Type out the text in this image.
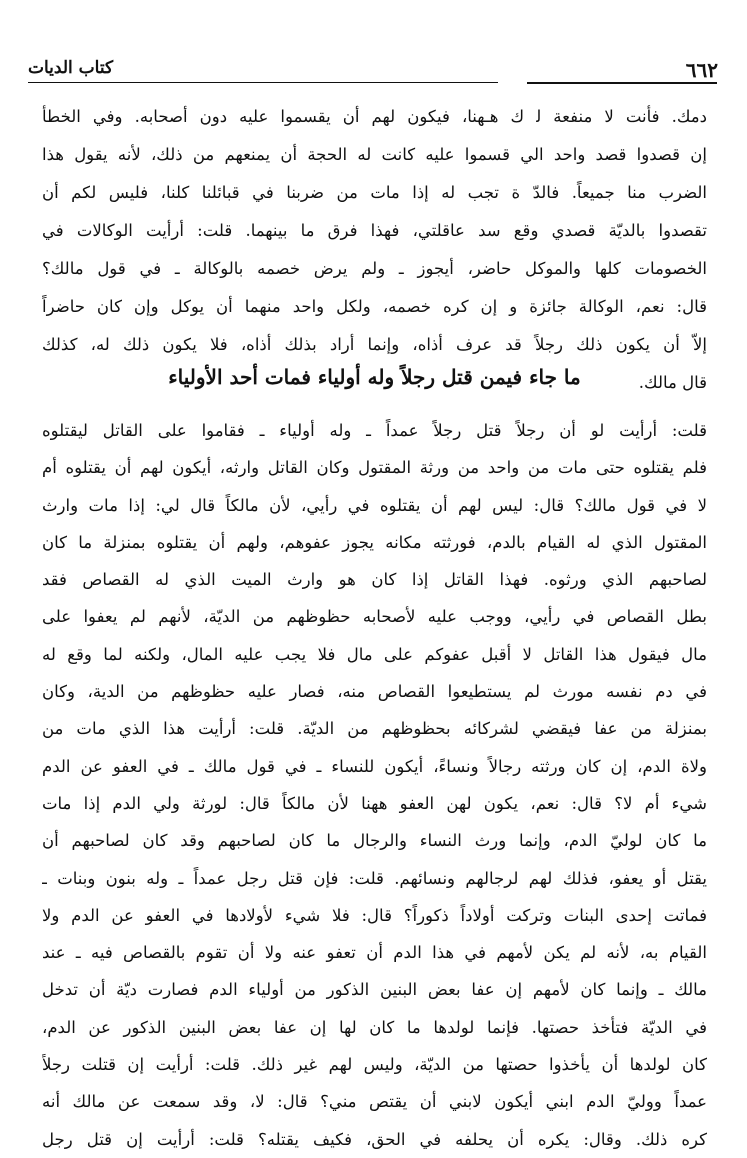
٦٦٢
كتاب الديات
دمك. فأنت لا منفعة ل‍ ك هـهنا، فيكون لهم أن يقسموا عليه دون أصحابه. وفي الخطأ
إن قصدوا قصد واحد الي قسموا عليه كانت له الحجة أن يمنعهم من ذلك، لأنه يقول هذا
الضرب منا جميعاً. فالدّ ة تجب له إذا مات من ضربنا في قبائلنا كلنا، فليس لكم أن
تقصدوا بالديّة قصدي وقع سد عاقلتي، فهذا فرق ما بينهما. قلت: أرأيت الوكالات في
الخصومات كلها والموكل حاضر، أيجوز ـ ولم يرض خصمه بالوكالة ـ في قول مالك؟
قال: نعم، الوكالة جائزة و إن كره خصمه، ولكل واحد منهما أن يوكل وإن كان حاضراً
إلاّ أن يكون ذلك رجلاً قد عرف أذاه، وإنما أراد بذلك أذاه، فلا يكون ذلك له، كذلك
قال مالك.
ما جاء فيمن قتل رجلاً وله أولياء فمات أحد الأولياء
قلت: أرأيت لو أن رجلاً قتل رجلاً عمداً ـ وله أولياء ـ فقاموا على القاتل ليقتلوه
فلم يقتلوه حتى مات من واحد من ورثة المقتول وكان القاتل وارثه، أيكون لهم أن يقتلوه أم
لا في قول مالك؟ قال: ليس لهم أن يقتلوه في رأيي، لأن مالكاً قال لي: إذا مات وارث
المقتول الذي له القيام بالدم، فورثته مكانه يجوز عفوهم، ولهم أن يقتلوه بمنزلة ما كان
لصاحبهم الذي ورثوه. فهذا القاتل إذا كان هو وارث الميت الذي له القصاص فقد
بطل القصاص في رأيي، ووجب عليه لأصحابه حظوظهم من الديّة، لأنهم لم يعفوا على
مال فيقول هذا القاتل لا أقبل عفوكم على مال فلا يجب عليه المال، ولكنه لما وقع له
في دم نفسه مورث لم يستطيعوا القصاص منه، فصار عليه حظوظهم من الدية، وكان
بمنزلة من عفا فيقضي لشركائه بحظوظهم من الديّة. قلت: أرأيت هذا الذي مات من
ولاة الدم، إن كان ورثته رجالاً ونساءً، أيكون للنساء ـ في قول مالك ـ في العفو عن الدم
شيء أم لا؟ قال: نعم، يكون لهن العفو ههنا لأن مالكاً قال: لورثة ولي الدم إذا مات
ما كان لوليّ الدم، وإنما ورث النساء والرجال ما كان لصاحبهم وقد كان لصاحبهم أن
يقتل أو يعفو، فذلك لهم لرجالهم ونسائهم. قلت: فإن قتل رجل عمداً ـ وله بنون وبنات ـ
فماتت إحدى البنات وتركت أولاداً ذكوراً؟ قال: فلا شيء لأولادها في العفو عن الدم ولا
القيام به، لأنه لم يكن لأمهم في هذا الدم أن تعفو عنه ولا أن تقوم بالقصاص فيه ـ عند
مالك ـ وإنما كان لأمهم إن عفا بعض البنين الذكور من أولياء الدم فصارت ديّة أن تدخل
في الديّة فتأخذ حصتها. فإنما لولدها ما كان لها إن عفا بعض البنين الذكور عن الدم،
كان لولدها أن يأخذوا حصتها من الديّة، وليس لهم غير ذلك. قلت: أرأيت إن قتلت رجلاً
عمداً ووليّ الدم ابني أيكون لابني أن يقتص مني؟ قال: لا، وقد سمعت عن مالك أنه
كره ذلك. وقال: يكره أن يحلفه في الحق، فكيف يقتله؟ قلت: أرأيت إن قتل رجل
